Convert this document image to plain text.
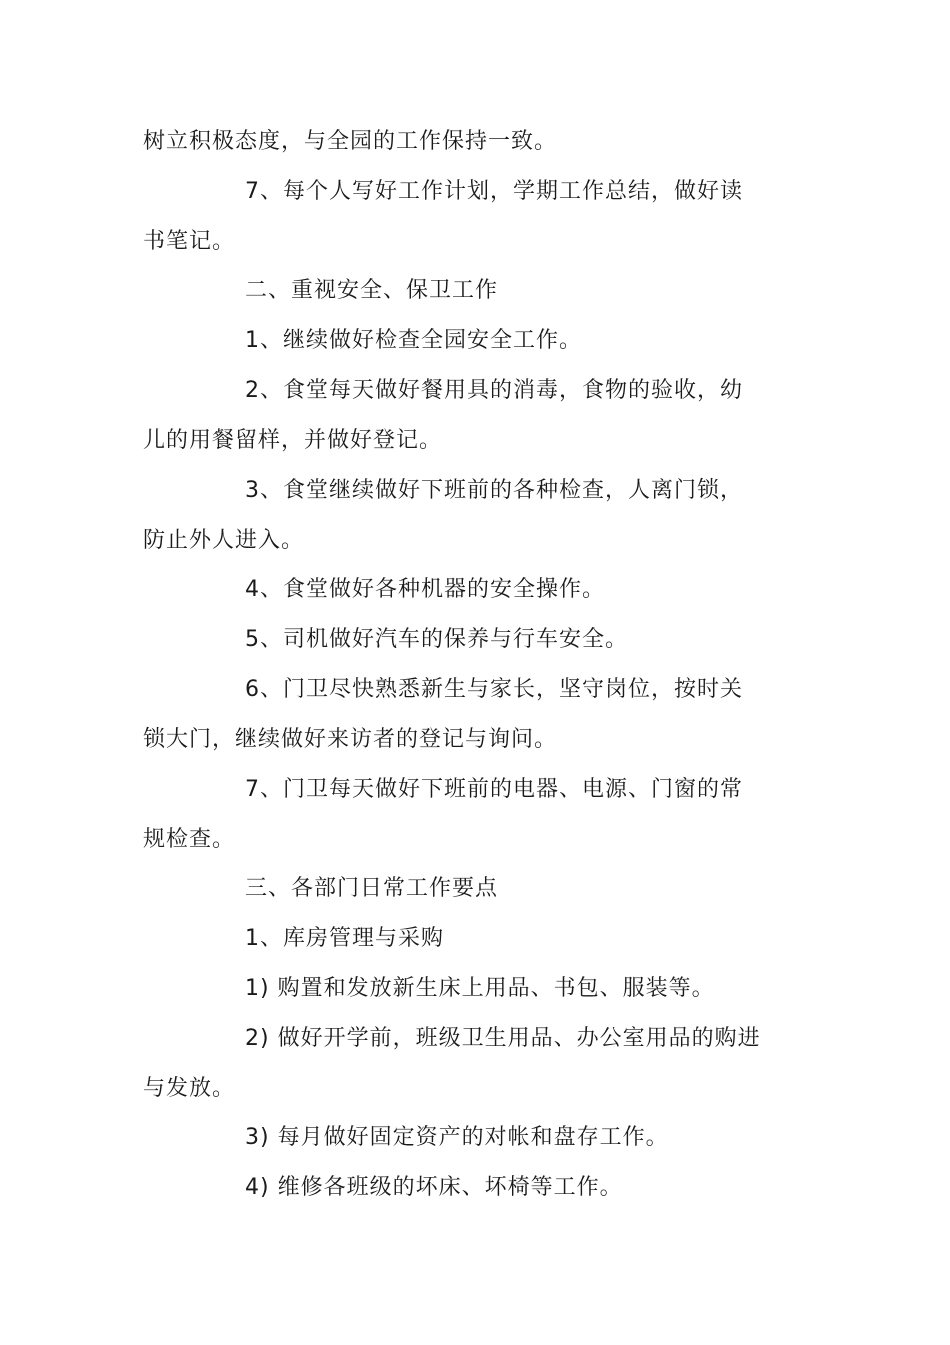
树立积极态度，与全园的工作保持一致。
7、每个人写好工作计划，学期工作总结，做好读
书笔记。
二、重视安全、保卫工作
1、继续做好检查全园安全工作。
2、食堂每天做好餐用具的消毒，食物的验收，幼
儿的用餐留样，并做好登记。
3、食堂继续做好下班前的各种检查，人离门锁，
防止外人进入。
4、食堂做好各种机器的安全操作。
5、司机做好汽车的保养与行车安全。
6、门卫尽快熟悉新生与家长，坚守岗位，按时关
锁大门，继续做好来访者的登记与询问。
7、门卫每天做好下班前的电器、电源、门窗的常
规检查。
三、各部门日常工作要点
1、库房管理与采购
1) 购置和发放新生床上用品、书包、服装等。
2) 做好开学前，班级卫生用品、办公室用品的购进
与发放。
3) 每月做好固定资产的对帐和盘存工作。
4) 维修各班级的坏床、坏椅等工作。
